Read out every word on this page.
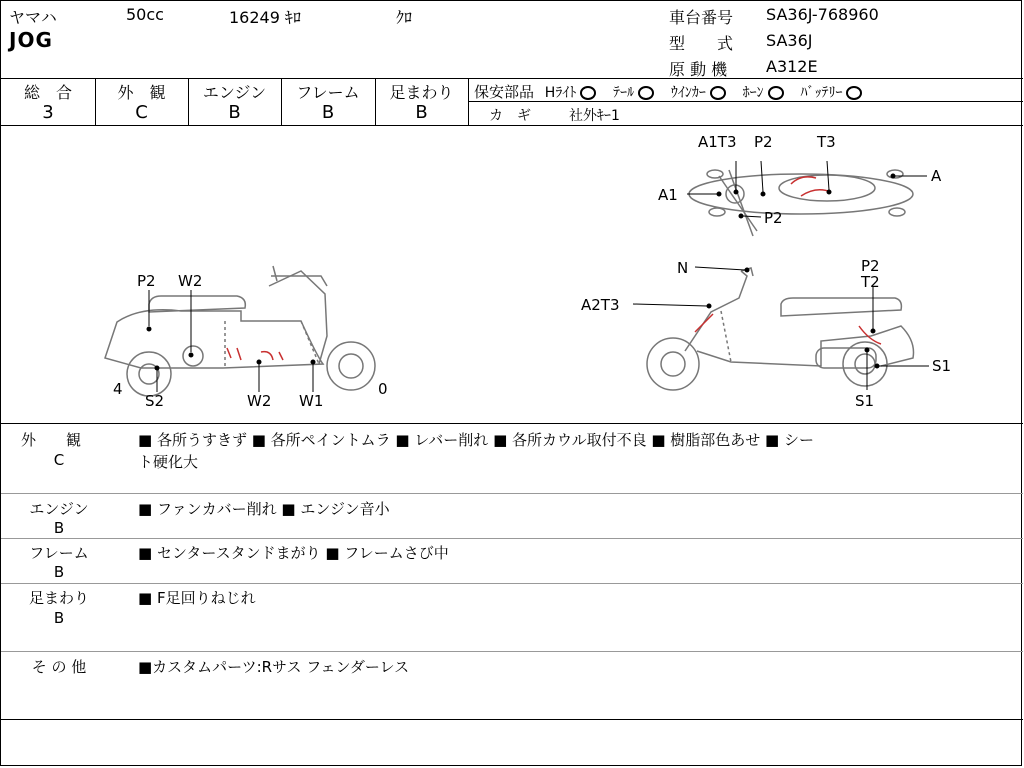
ヤマハ	50cc	16249 ｷﾛ	ｸﾛ
JOG
車台番号 SA36J-768960
型　　式 SA36J
原 動 機 A312E
総　合
3
外　観
C
エンジン
B
フレーム
B
足まわり
B
保安部品 Hﾗｲﾄ	ﾃｰﾙ	ｳｲﾝｶｰ	ﾎｰﾝ	ﾊﾞｯﾃﾘｰ
カ　ギ	社外ｷｰ1
A1T3 P2	T3
A
A1
P2
P2 W2
4
S2	W2 W1
0
N
A2T3
P2
T2
S1
S1
外　　観
C
■ 各所うすきず ■ 各所ペイントムラ ■ レバー削れ ■ 各所カウル取付不良 ■ 樹脂部色あせ ■ シー
ト硬化大
エンジン
B
■ ファンカバー削れ ■ エンジン音小
フレーム
B
■ センタースタンドまがり ■ フレームさび中
足まわり
B
■ F足回りねじれ
そ の 他	■カスタムパーツ:Rサス フェンダーレス
